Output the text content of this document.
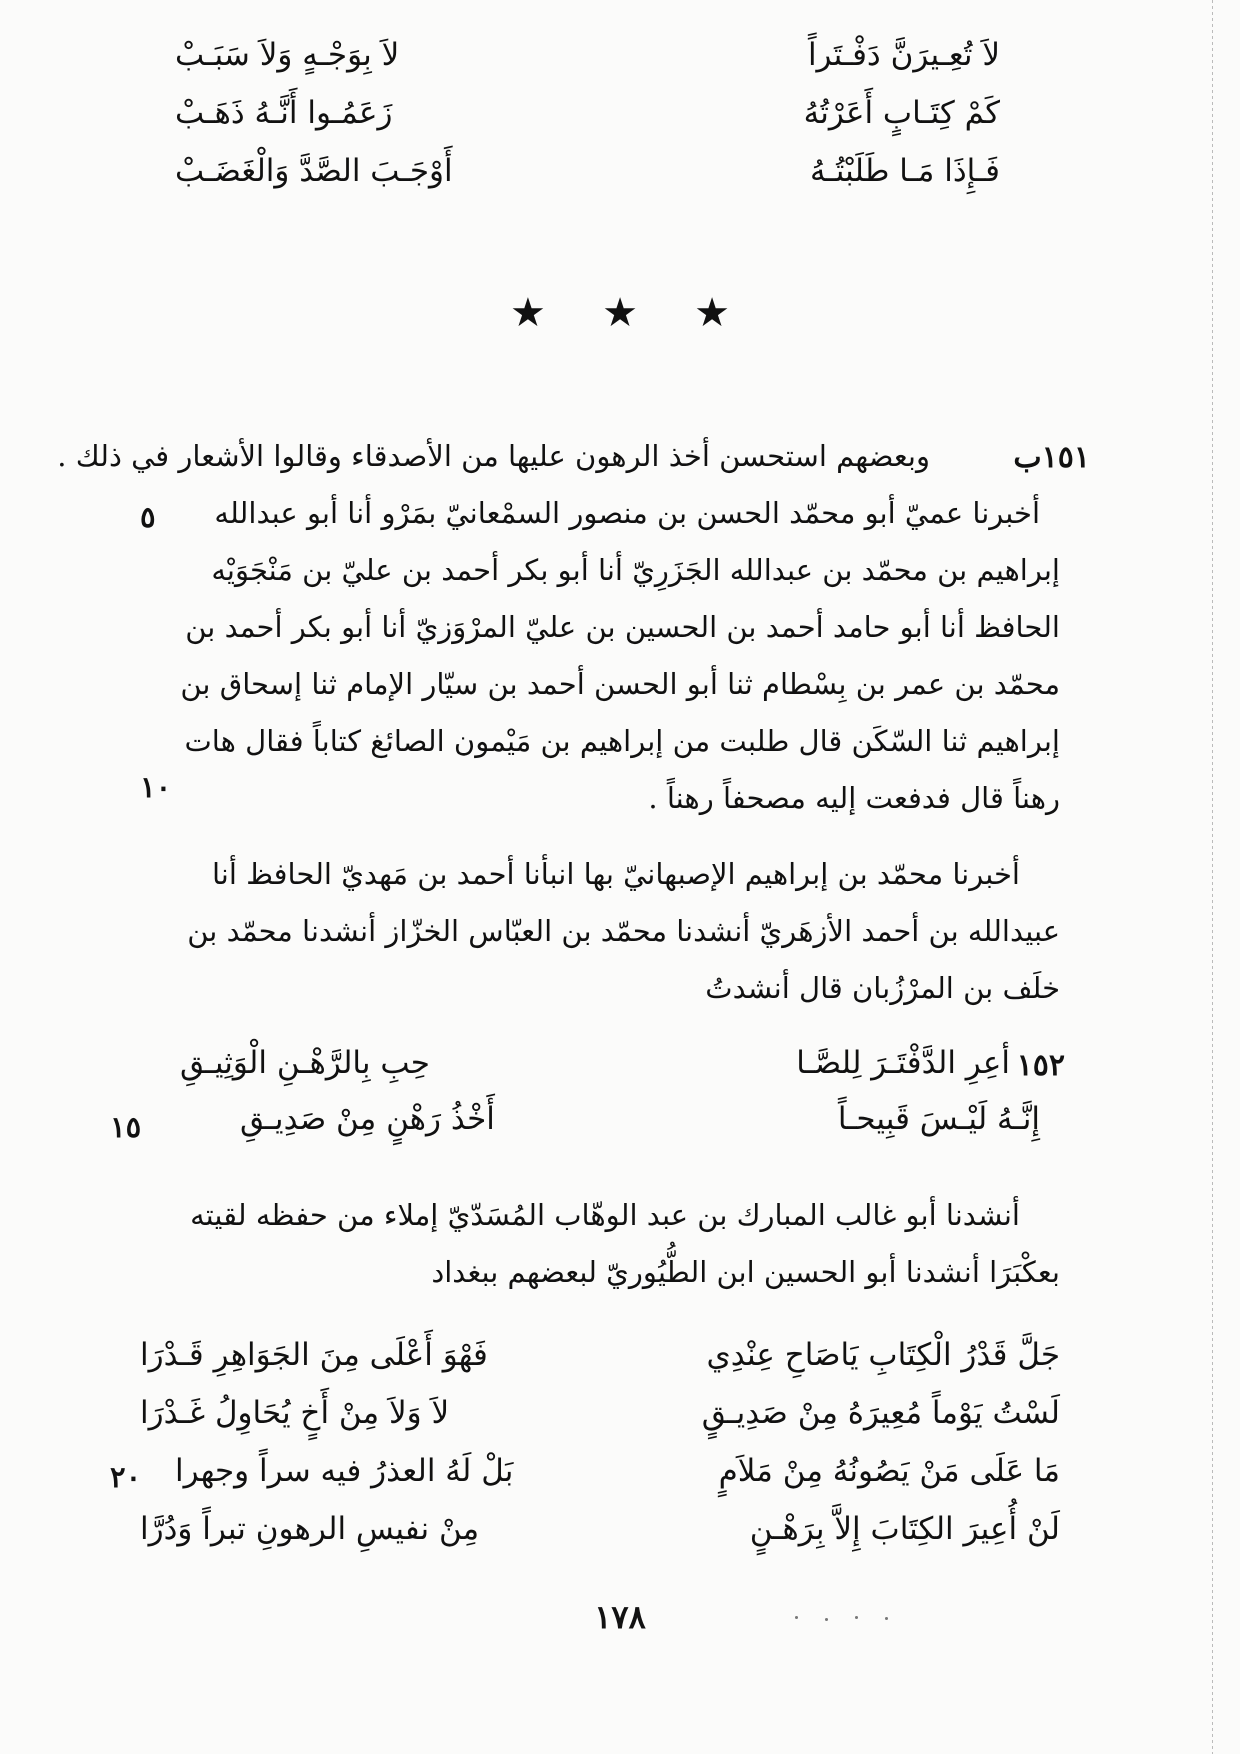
لاَ تُعِـيرَنَّ دَفْـتَراً
لاَ بِوَجْـهٍ وَلاَ سَبَـبْ
كَمْ كِتَـابٍ أَعَرْتُهُ
زَعَمُـوا أَنَّـهُ ذَهَـبْ
فَـإِذَا مَـا طَلَبْتُـهُ
أَوْجَـبَ الصَّدَّ وَالْغَضَـبْ
★ ★ ★
١٥١ب
وبعضهم استحسن أخذ الرهون عليها من الأصدقاء وقالوا الأشعار في ذلك .
أخبرنا عميّ أبو محمّد الحسن بن منصور السمْعانيّ بمَرْو أنا أبو عبدالله
إبراهيم بن محمّد بن عبدالله الجَزَرِيّ أنا أبو بكر أحمد بن عليّ بن مَنْجَوَيْه
الحافظ أنا أبو حامد أحمد بن الحسين بن عليّ المرْوَزيّ أنا أبو بكر أحمد بن
محمّد بن عمر بن بِسْطام ثنا أبو الحسن أحمد بن سيّار الإمام ثنا إسحاق بن
إبراهيم ثنا السّكَن قال طلبت من إبراهيم بن مَيْمون الصائغ كتاباً فقال هات
رهناً قال فدفعت إليه مصحفاً رهناً .
٥
١٠
أخبرنا محمّد بن إبراهيم الإصبهانيّ بها انبأنا أحمد بن مَهديّ الحافظ أنا
عبيدالله بن أحمد الأزهَريّ أنشدنا محمّد بن العبّاس الخزّاز أنشدنا محمّد بن
خلَف بن المرْزُبان قال أنشدتُ
١٥٢
أعِرِ الدَّفْتَـرَ لِلصَّـا
حِبِ بِالرَّهْـنِ الْوَثِيـقِ
إِنَّـهُ لَيْـسَ قَبِيحـاً
أَخْذُ رَهْنٍ مِنْ صَدِيـقِ
١٥
أنشدنا أبو غالب المبارك بن عبد الوهّاب المُسَدّيّ إملاء من حفظه لقيته
بعكْبَرَا أنشدنا أبو الحسين ابن الطُّيُوريّ لبعضهم ببغداد
جَلَّ قَدْرُ الْكِتَابِ يَاصَاحِ عِنْدِي
فَهْوَ أَعْلَى مِنَ الجَوَاهِرِ قَـدْرَا
لَسْتُ يَوْماً مُعِيرَهُ مِنْ صَدِيـقٍ
لاَ وَلاَ مِنْ أَخٍ يُحَاوِلُ غَـدْرَا
مَا عَلَى مَنْ يَصُونُهُ مِنْ مَلاَمٍ
بَلْ لَهُ العذرُ فيه سراً وجهرا
٢٠
لَنْ أُعِيرَ الكِتَابَ إِلاَّ بِرَهْـنٍ
مِنْ نفيسِ الرهونِ تبراً وَدُرَّا
١٧٨
